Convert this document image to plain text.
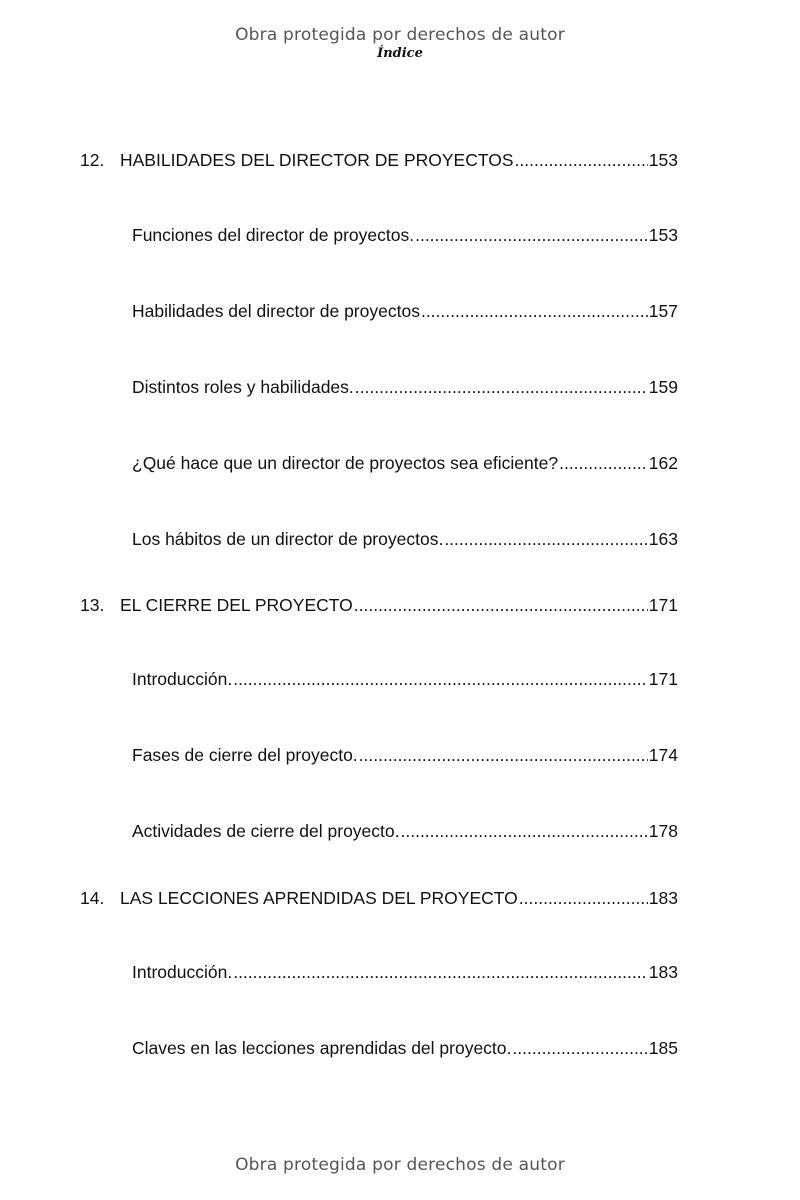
Obra protegida por derechos de autor
Índice
12. HABILIDADES DEL DIRECTOR DE PROYECTOS .....	153
Funciones del director de proyectos. .....	153
Habilidades del director de proyectos .....	157
Distintos roles y habilidades. .....	159
¿Qué hace que un director de proyectos sea eficiente? .....	162
Los hábitos de un director de proyectos. .....	163
13. EL CIERRE DEL PROYECTO .....	171
Introducción. .....	171
Fases de cierre del proyecto. .....	174
Actividades de cierre del proyecto. .....	178
14. LAS LECCIONES APRENDIDAS DEL PROYECTO .....	183
Introducción. .....	183
Claves en las lecciones aprendidas del proyecto. .....	185
Obra protegida por derechos de autor
